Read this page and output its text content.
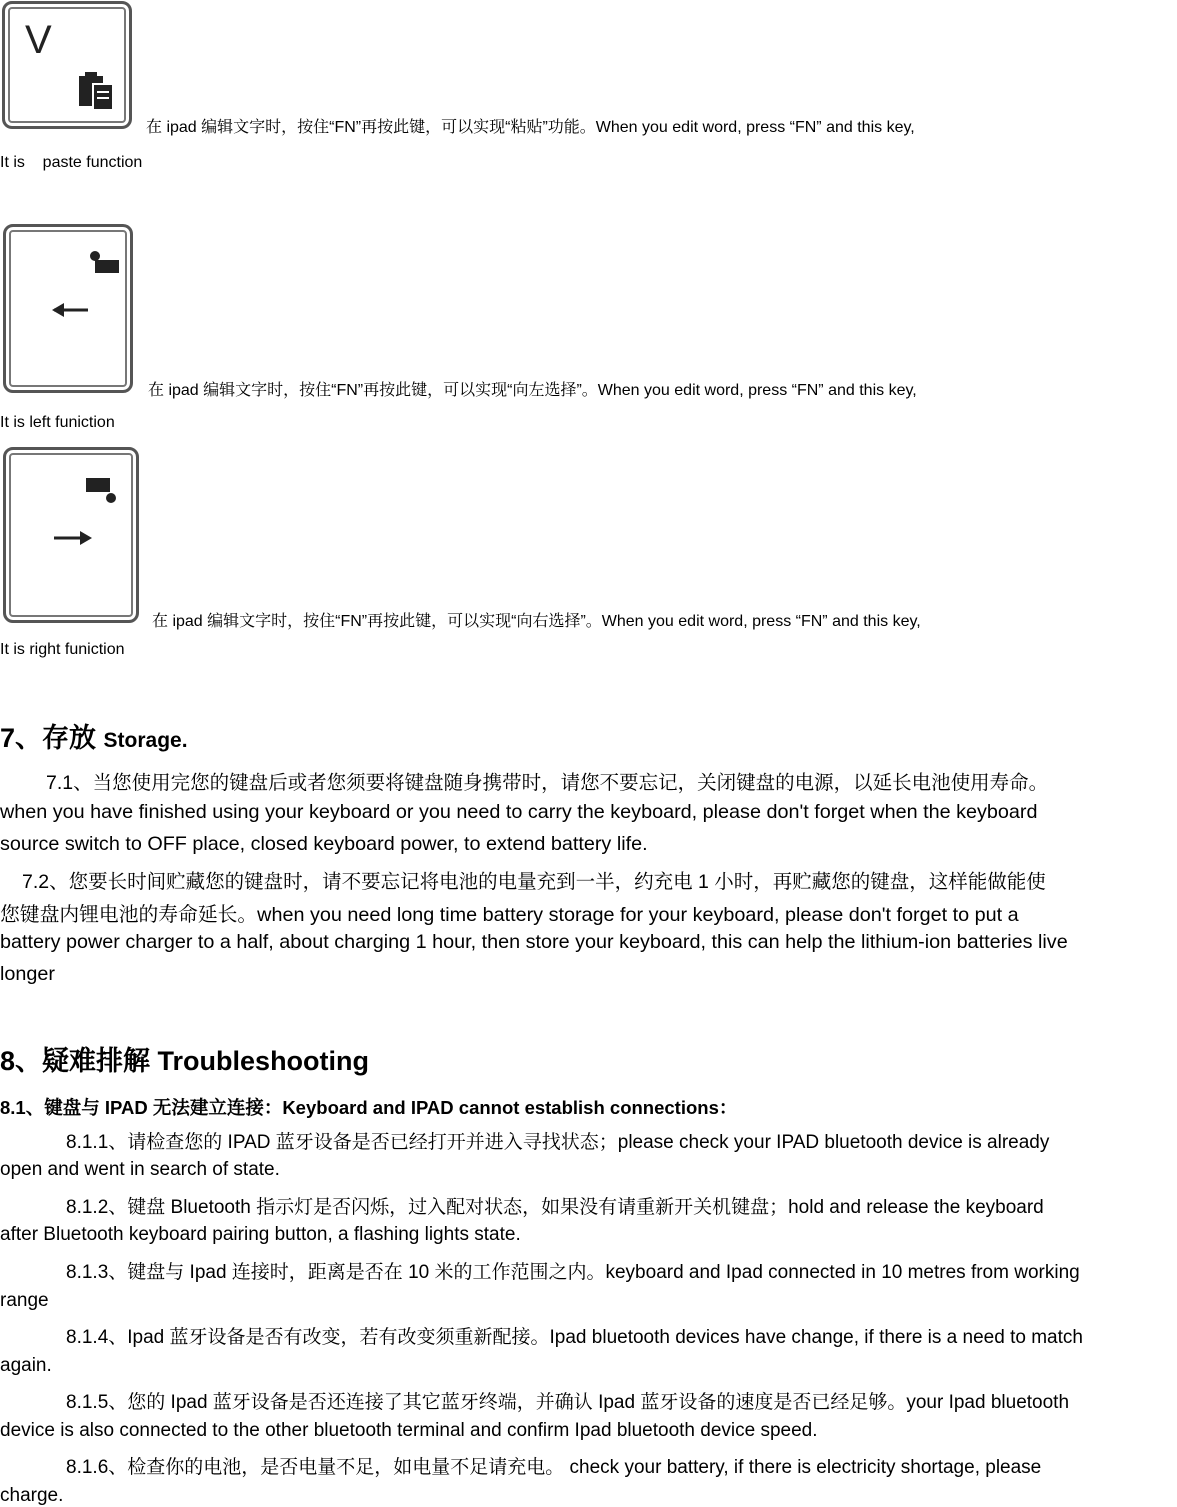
V
在 ipad 编辑文字时，按住“FN”再按此键，可以实现“粘贴”功能。When you edit word, press “FN” and this key,
It is    paste function
在 ipad 编辑文字时，按住“FN”再按此键，可以实现“向左选择”。When you edit word, press “FN” and this key,
It is left funiction
在 ipad 编辑文字时，按住“FN”再按此键，可以实现“向右选择”。When you edit word, press “FN” and this key,
It is right funiction
7、存放 Storage.
7.1、当您使用完您的键盘后或者您须要将键盘随身携带时，请您不要忘记，关闭键盘的电源，以延长电池使用寿命。
when you have finished using your keyboard or you need to carry the keyboard, please don't forget when the keyboard
source switch to OFF place, closed keyboard power, to extend battery life.
7.2、您要长时间贮藏您的键盘时，请不要忘记将电池的电量充到一半，约充电 1 小时，再贮藏您的键盘，这样能做能使
您键盘内锂电池的寿命延长。when you need long time battery storage for your keyboard, please don't forget to put a
battery power charger to a half, about charging 1 hour, then store your keyboard, this can help the lithium-ion batteries live
longer
8、疑难排解 Troubleshooting
8.1、键盘与 IPAD 无法建立连接：Keyboard and IPAD cannot establish connections：
8.1.1、请检查您的 IPAD 蓝牙设备是否已经打开并进入寻找状态；please check your IPAD bluetooth device is already
open and went in search of state.
8.1.2、键盘 Bluetooth 指示灯是否闪烁，过入配对状态，如果没有请重新开关机键盘；hold and release the keyboard
after Bluetooth keyboard pairing button, a flashing lights state.
8.1.3、键盘与 Ipad 连接时，距离是否在 10 米的工作范围之内。keyboard and Ipad connected in 10 metres from working
range
8.1.4、Ipad 蓝牙设备是否有改变，若有改变须重新配接。Ipad bluetooth devices have change, if there is a need to match
again.
8.1.5、您的 Ipad 蓝牙设备是否还连接了其它蓝牙终端，并确认 Ipad 蓝牙设备的速度是否已经足够。your Ipad bluetooth
device is also connected to the other bluetooth terminal and confirm Ipad bluetooth device speed.
8.1.6、检查你的电池，是否电量不足，如电量不足请充电。 check your battery, if there is electricity shortage, please
charge.
